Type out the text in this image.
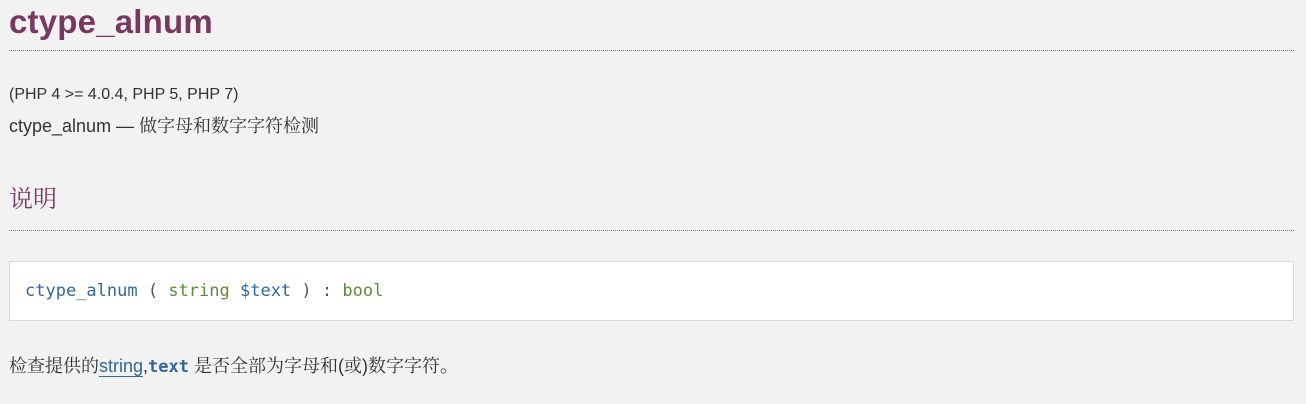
ctype_alnum
(PHP 4 >= 4.0.4, PHP 5, PHP 7)
ctype_alnum — 做字母和数字字符检测
说明
ctype_alnum ( string $text ) : bool
检查提供的string,text 是否全部为字母和(或)数字字符。
